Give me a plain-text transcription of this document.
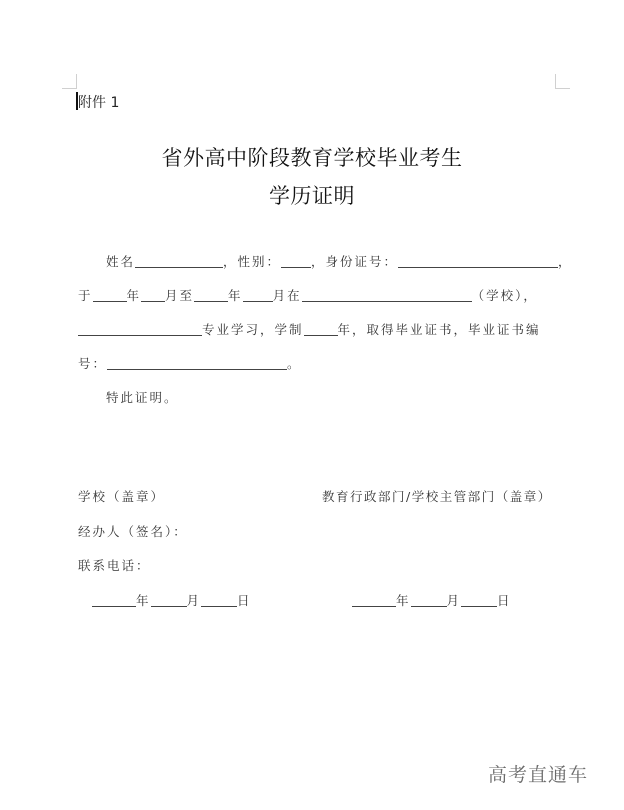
附件 1
省外高中阶段教育学校毕业考生
学历证明
姓名	，性别： ，身份证号：	，
于	年 月至	年 月在	（学校），
专业学习，学制	年，取得毕业证书，毕业证书编
号：	。
特此证明。
学校（盖章）	教育行政部门/学校主管部门（盖章）
经办人（签名）：
联系电话：
年	月	日	年	月	日
高考直通车
